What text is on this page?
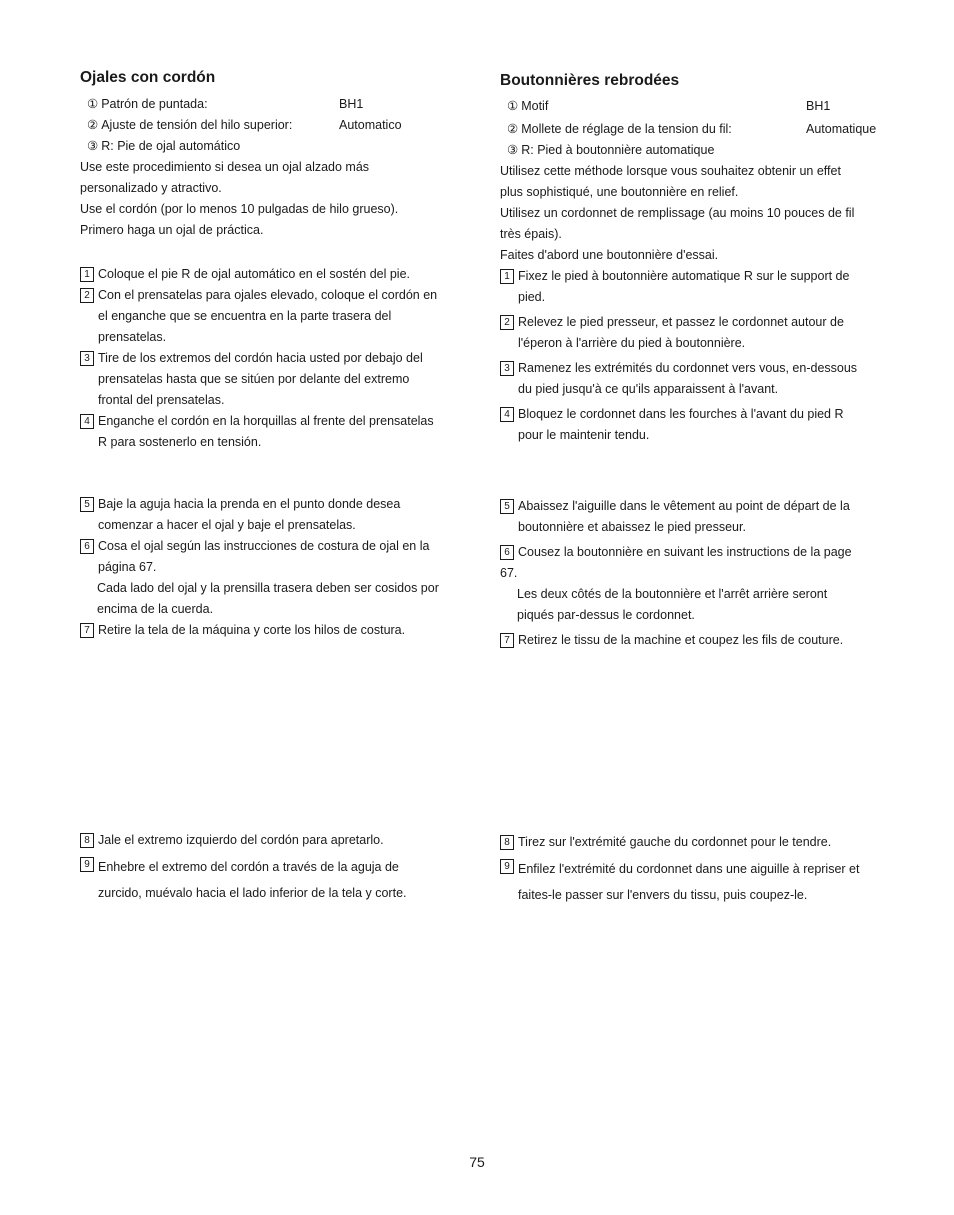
Ojales con cordón
① Patrón de puntada:	BH1
② Ajuste de tensión del hilo superior:	Automatico
③ R: Pie de ojal automático

Use este procedimiento si desea un ojal alzado más

personalizado y atractivo.

Use el cordón (por lo menos 10 pulgadas de hilo grueso).

Primero haga un ojal de práctica.

1 Coloque el pie R de ojal automático en el sostén del pie.
2 Con el prensatelas para ojales elevado, coloque el cordón en
el enganche que se encuentra en la parte trasera del
prensatelas.
3 Tire de los extremos del cordón hacia usted por debajo del
prensatelas hasta que se sitúen por delante del extremo
frontal del prensatelas.
4 Enganche el cordón en la horquillas al frente del prensatelas
R para sostenerlo en tensión.
5 Baje la aguja hacia la prenda en el punto donde desea
comenzar a hacer el ojal y baje el prensatelas.
6 Cosa el ojal según las instrucciones de costura de ojal en la
página 67.
Cada lado del ojal y la prensilla trasera deben ser cosidos por
encima de la cuerda.
7 Retire la tela de la máquina y corte los hilos de costura.
8 Jale el extremo izquierdo del cordón para apretarlo.
9 Enhebre el extremo del cordón a través de la aguja de
zurcido, muévalo hacia el lado inferior de la tela y corte.
Boutonnières rebrodées
① Motif	BH1
② Mollete de réglage de la tension du fil:	Automatique
③ R: Pied à boutonnière automatique

Utilisez cette méthode lorsque vous souhaitez obtenir un effet

plus sophistiqué, une boutonnière en relief.

Utilisez un cordonnet de remplissage (au moins 10 pouces de fil

très épais).

Faites d'abord une boutonnière d'essai.

1 Fixez le pied à boutonnière automatique R sur le support de
pied.
2 Relevez le pied presseur, et passez le cordonnet autour de
l'éperon à l'arrière du pied à boutonnière.
3 Ramenez les extrémités du cordonnet vers vous, en-dessous
du pied jusqu'à ce qu'ils apparaissent à l'avant.
4 Bloquez le cordonnet dans les fourches à l'avant du pied R
pour le maintenir tendu.
5 Abaissez l'aiguille dans le vêtement au point de départ de la
boutonnière et abaissez le pied presseur.
6 Cousez la boutonnière en suivant les instructions de la page
67.
Les deux côtés de la boutonnière et l'arrêt arrière seront
piqués par-dessus le cordonnet.
7 Retirez le tissu de la machine et coupez les fils de couture.
8 Tirez sur l'extrémité gauche du cordonnet pour le tendre.
9 Enfilez l'extrémité du cordonnet dans une aiguille à repriser et
faites-le passer sur l'envers du tissu, puis coupez-le.
75
